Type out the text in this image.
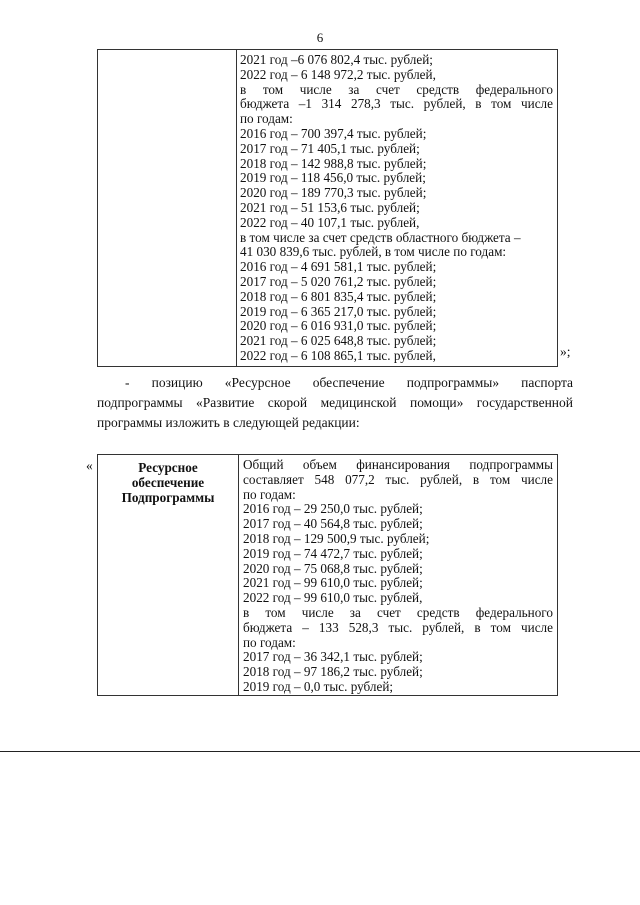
6
2021 год –6 076 802,4 тыс. рублей;
2022 год – 6 148 972,2 тыс. рублей,
в том числе за счет средств федерального
бюджета –1 314 278,3 тыс. рублей, в том числе
по годам:
2016 год – 700 397,4 тыс. рублей;
2017 год – 71 405,1 тыс. рублей;
2018 год – 142 988,8 тыс. рублей;
2019 год – 118 456,0 тыс. рублей;
2020 год – 189 770,3 тыс. рублей;
2021 год – 51 153,6 тыс. рублей;
2022 год – 40 107,1 тыс. рублей,
в том числе за счет средств областного бюджета –
41 030 839,6 тыс. рублей, в том числе по годам:
2016 год – 4 691 581,1 тыс. рублей;
2017 год – 5 020 761,2 тыс. рублей;
2018 год – 6 801 835,4 тыс. рублей;
2019 год – 6 365 217,0 тыс. рублей;
2020 год – 6 016 931,0 тыс. рублей;
2021 год – 6 025 648,8 тыс. рублей;
2022 год – 6 108 865,1 тыс. рублей,	»;
- позицию «Ресурсное обеспечение подпрограммы» паспорта
подпрограммы «Развитие скорой медицинской помощи» государственной
программы изложить в следующей редакции:
«	Ресурсное
обеспечение
Подпрограммы
Общий объем финансирования подпрограммы
составляет 548 077,2 тыс. рублей, в том числе
по годам:
2016 год – 29 250,0 тыс. рублей;
2017 год – 40 564,8 тыс. рублей;
2018 год – 129 500,9 тыс. рублей;
2019 год – 74 472,7 тыс. рублей;
2020 год – 75 068,8 тыс. рублей;
2021 год – 99 610,0 тыс. рублей;
2022 год – 99 610,0 тыс. рублей,
в том числе за счет средств федерального
бюджета – 133 528,3 тыс. рублей, в том числе
по годам:
2017 год – 36 342,1 тыс. рублей;
2018 год – 97 186,2 тыс. рублей;
2019 год – 0,0 тыс. рублей;
